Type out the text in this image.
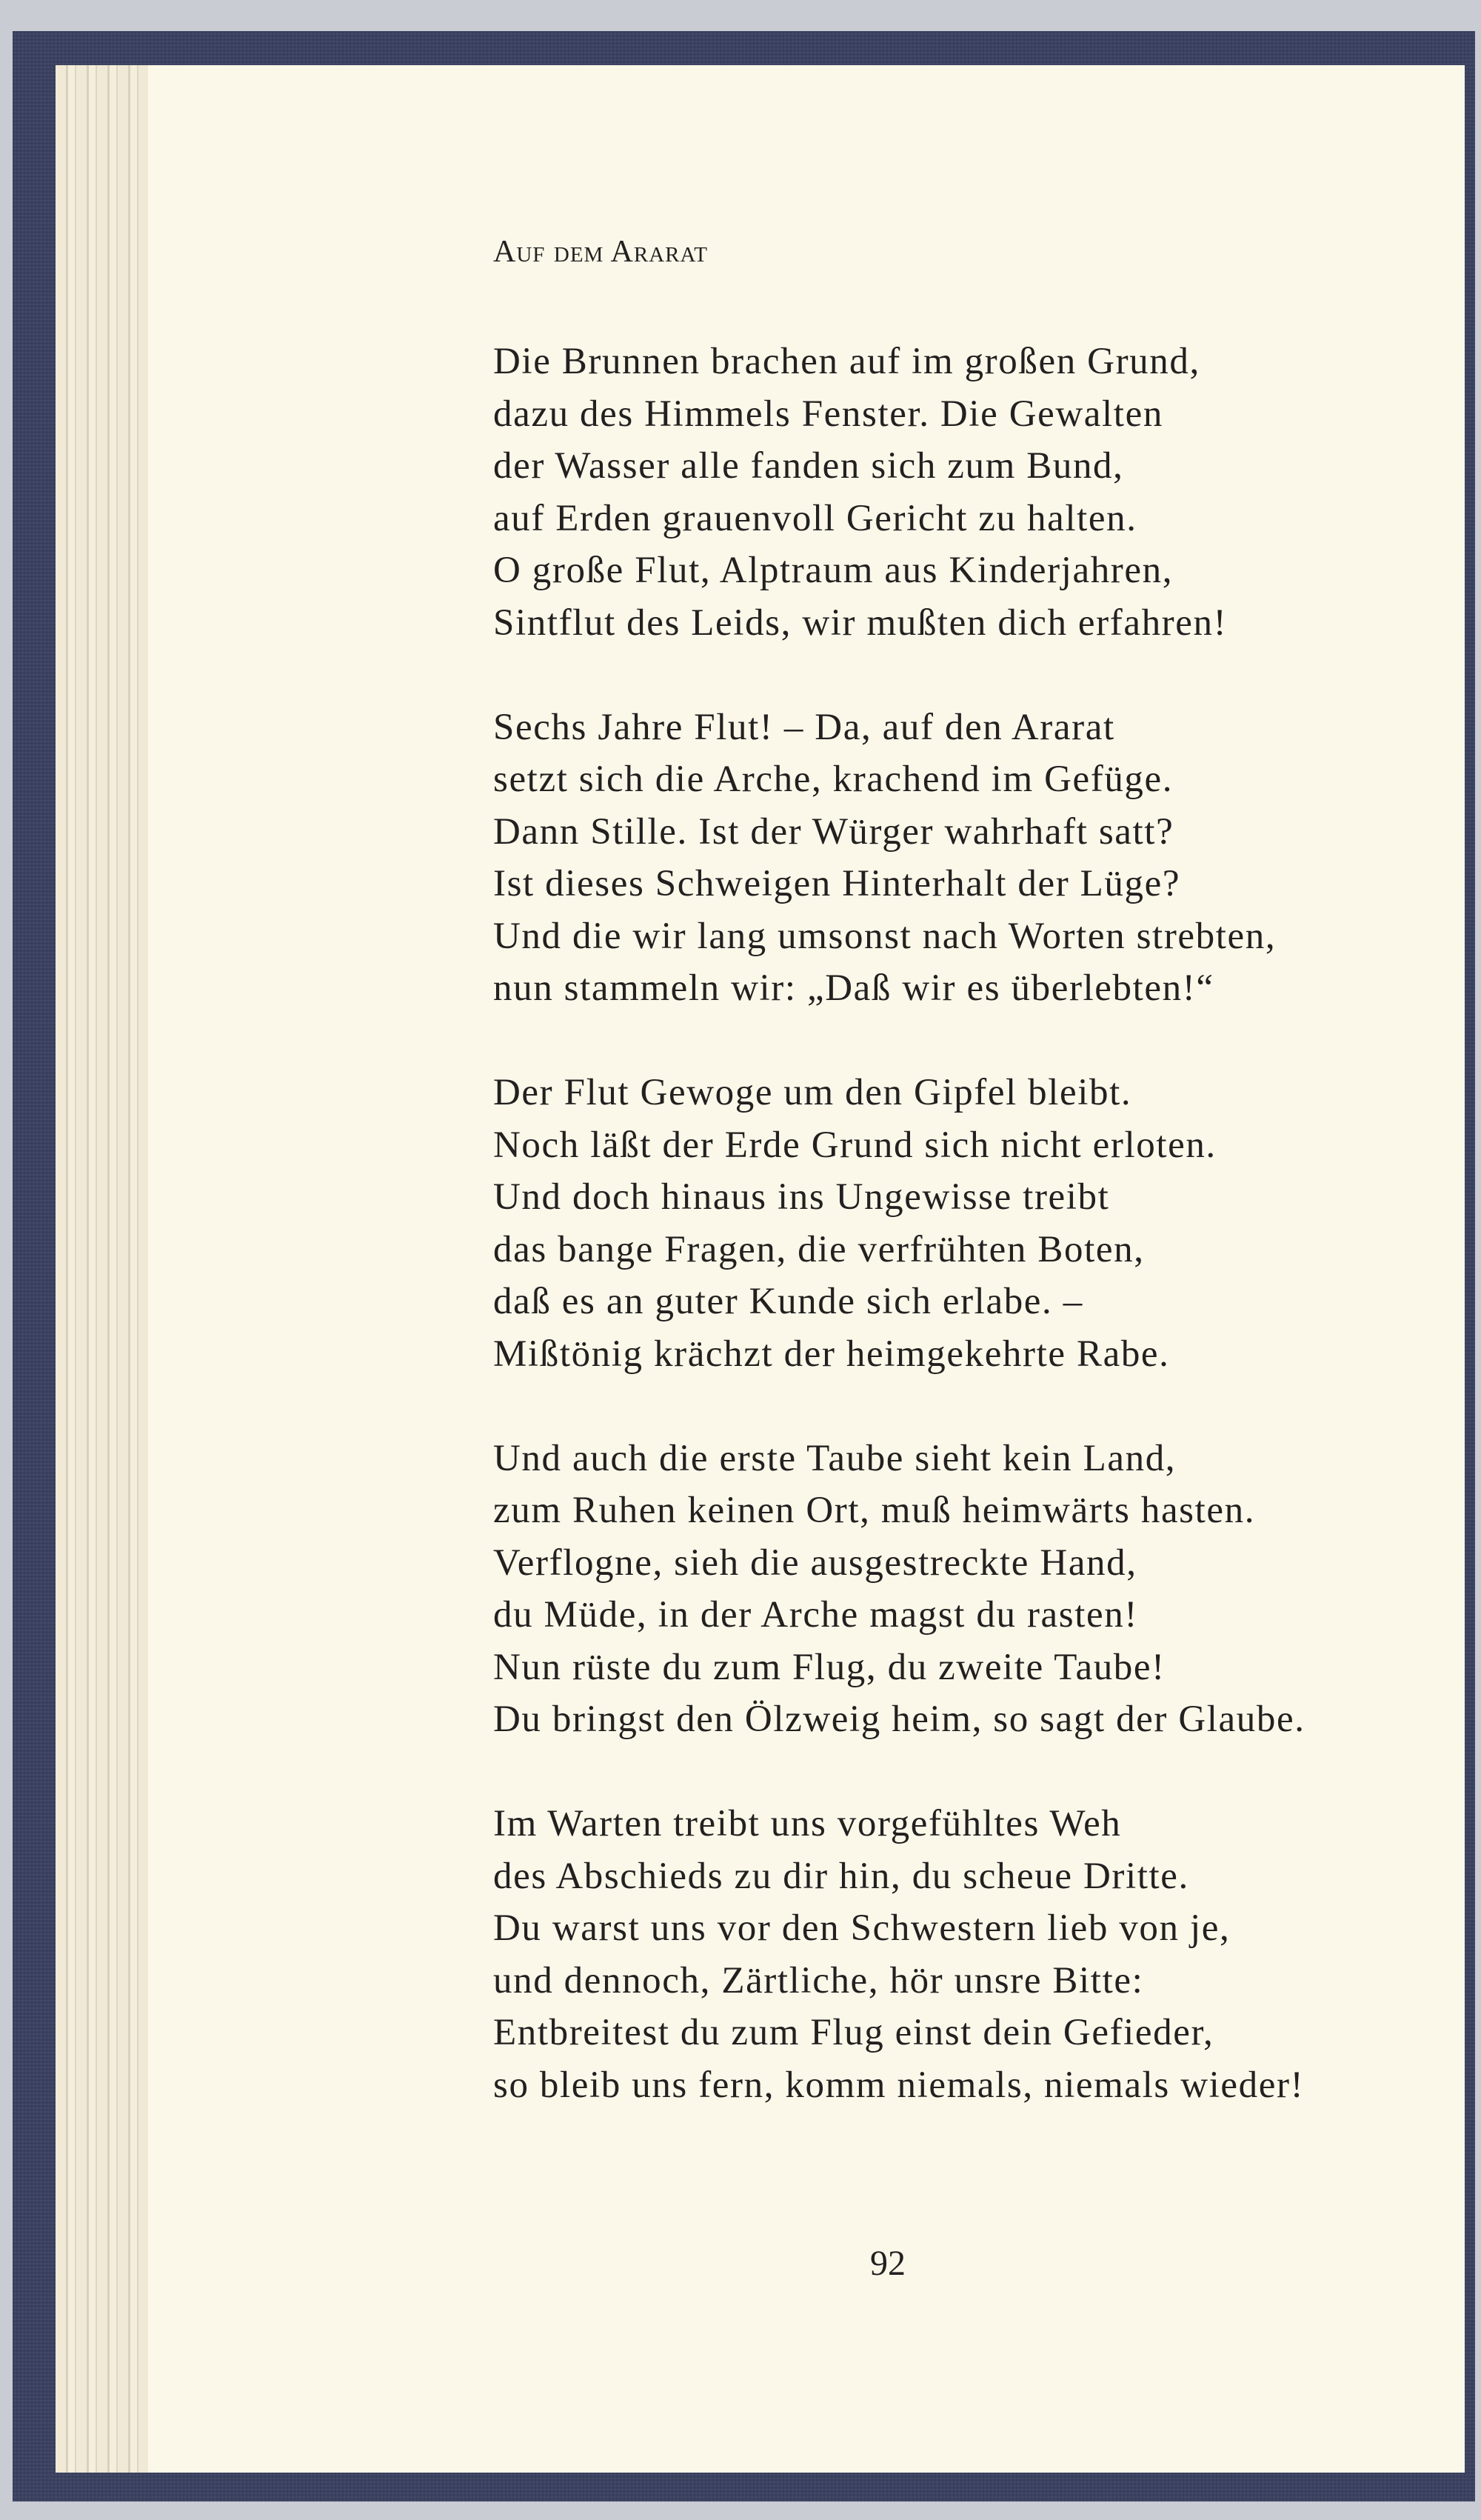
Auf dem Ararat
Die Brunnen brachen auf im großen Grund,
dazu des Himmels Fenster. Die Gewalten
der Wasser alle fanden sich zum Bund,
auf Erden grauenvoll Gericht zu halten.
O große Flut, Alptraum aus Kinderjahren,
Sintflut des Leids, wir mußten dich erfahren!
Sechs Jahre Flut! – Da, auf den Ararat
setzt sich die Arche, krachend im Gefüge.
Dann Stille. Ist der Würger wahrhaft satt?
Ist dieses Schweigen Hinterhalt der Lüge?
Und die wir lang umsonst nach Worten strebten,
nun stammeln wir: „Daß wir es überlebten!“
Der Flut Gewoge um den Gipfel bleibt.
Noch läßt der Erde Grund sich nicht erloten.
Und doch hinaus ins Ungewisse treibt
das bange Fragen, die verfrühten Boten,
daß es an guter Kunde sich erlabe. –
Mißtönig krächzt der heimgekehrte Rabe.
Und auch die erste Taube sieht kein Land,
zum Ruhen keinen Ort, muß heimwärts hasten.
Verflogne, sieh die ausgestreckte Hand,
du Müde, in der Arche magst du rasten!
Nun rüste du zum Flug, du zweite Taube!
Du bringst den Ölzweig heim, so sagt der Glaube.
Im Warten treibt uns vorgefühltes Weh
des Abschieds zu dir hin, du scheue Dritte.
Du warst uns vor den Schwestern lieb von je,
und dennoch, Zärtliche, hör unsre Bitte:
Entbreitest du zum Flug einst dein Gefieder,
so bleib uns fern, komm niemals, niemals wieder!
92
